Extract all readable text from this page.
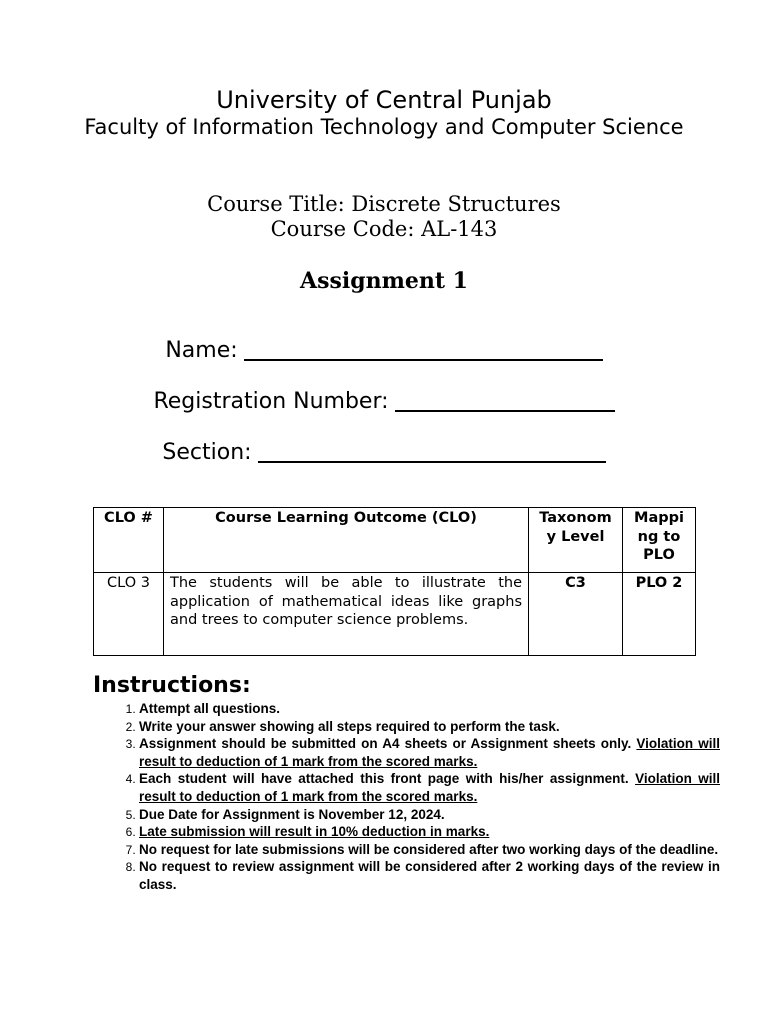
University of Central Punjab
Faculty of Information Technology and Computer Science
Course Title: Discrete Structures
Course Code: AL-143
Assignment 1
Name:
Registration Number:
Section:
CLO #	Course Learning Outcome (CLO)	Taxonom y Level	Mappi ng to PLO
CLO 3	The students will be able to illustrate the application of mathematical ideas like graphs and trees to computer science problems.	C3	PLO 2
Instructions:
1. Attempt all questions.
2. Write your answer showing all steps required to perform the task.
3. Assignment should be submitted on A4 sheets or Assignment sheets only. Violation will result to deduction of 1 mark from the scored marks.
4. Each student will have attached this front page with his/her assignment. Violation will result to deduction of 1 mark from the scored marks.
5. Due Date for Assignment is November 12, 2024.
6. Late submission will result in 10% deduction in marks.
7. No request for late submissions will be considered after two working days of the deadline.
8. No request to review assignment will be considered after 2 working days of the review in class.
